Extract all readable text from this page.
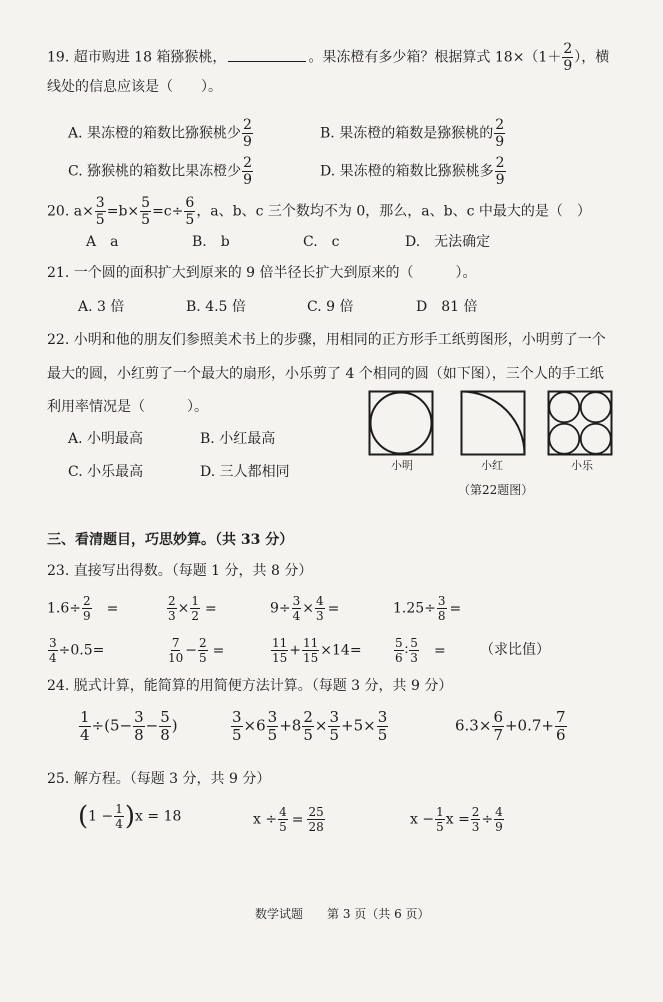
19. 超市购进 18 箱猕猴桃，	。果冻橙有多少箱？根据算式 $18\times(1+ \frac{2}{9}$ ），横
线处的信息应该是（　　）。
A. 果冻橙的箱数比猕猴桃少 $\frac{2}{9}$	B. 果冻橙的箱数是猕猴桃的 $\frac{2}{9}$
C. 猕猴桃的箱数比果冻橙少 $\frac{2}{9}$	D. 果冻橙的箱数比猕猴桃多 $\frac{2}{9}$
20. $a\times \frac{3}{5} =b\times \frac{5}{5} =c\div \frac{6}{5}$ ，a、b、c 三个数均不为 0，那么，a、b、c 中最大的是（　）
A　a	B.　b	C.　c	D.　无法确定
21. 一个圆的面积扩大到原来的 9 倍半径长扩大到原来的（　　　）。
A. 3 倍	B. 4.5 倍	C. 9 倍	D　81 倍
22. 小明和他的朋友们参照美术书上的步骤，用相同的正方形手工纸剪图形，小明剪了一个
最大的圆，小红剪了一个最大的扇形，小乐剪了 4 个相同的圆（如下图），三个人的手工纸
利用率情况是（　　　）。
A. 小明最高	B. 小红最高
C. 小乐最高	D. 三人都相同	小明	小红	小乐
（第22题图）
三、看清题目，巧思妙算。（共 33 分）
23. 直接写出得数。（每题 1 分，共 8 分）
$1.6\div \frac{2}{9}$ =	$\frac{2}{3} \times \frac{1}{2}$ =	$9\div \frac{3}{4} \times \frac{4}{3}$ =	$1.25\div \frac{3}{8}$ =
$\frac{3}{4} \div 0.5=$	$\frac{7}{10} - \frac{2}{5}$ =	$\frac{11}{15} + \frac{11}{15} \times 14=$	$\frac{5}{6}$ ∶ $\frac{5}{3}$ = （求比值）
24. 脱式计算，能简算的用简便方法计算。（每题 3 分，共 9 分）
$\frac{1}{4} \div(5- \frac{3}{8} - \frac{5}{8}$ )	$\frac{3}{5} \times 6 \frac{3}{5} +8 \frac{2}{5} \times \frac{3}{5} +5\times \frac{3}{5}$	$6.3\times \frac{6}{7} +0.7+ \frac{7}{6}$
25. 解方程。（每题 3 分，共 9 分）
$(1 - \frac{1}{4} )x = 18$	$x \div \frac{4}{5} = \frac{25}{28}$	$x - \frac{1}{5}$ $x = \frac{2}{3} \div \frac{4}{9}$
数学试题　　第 3 页（共 6 页）
